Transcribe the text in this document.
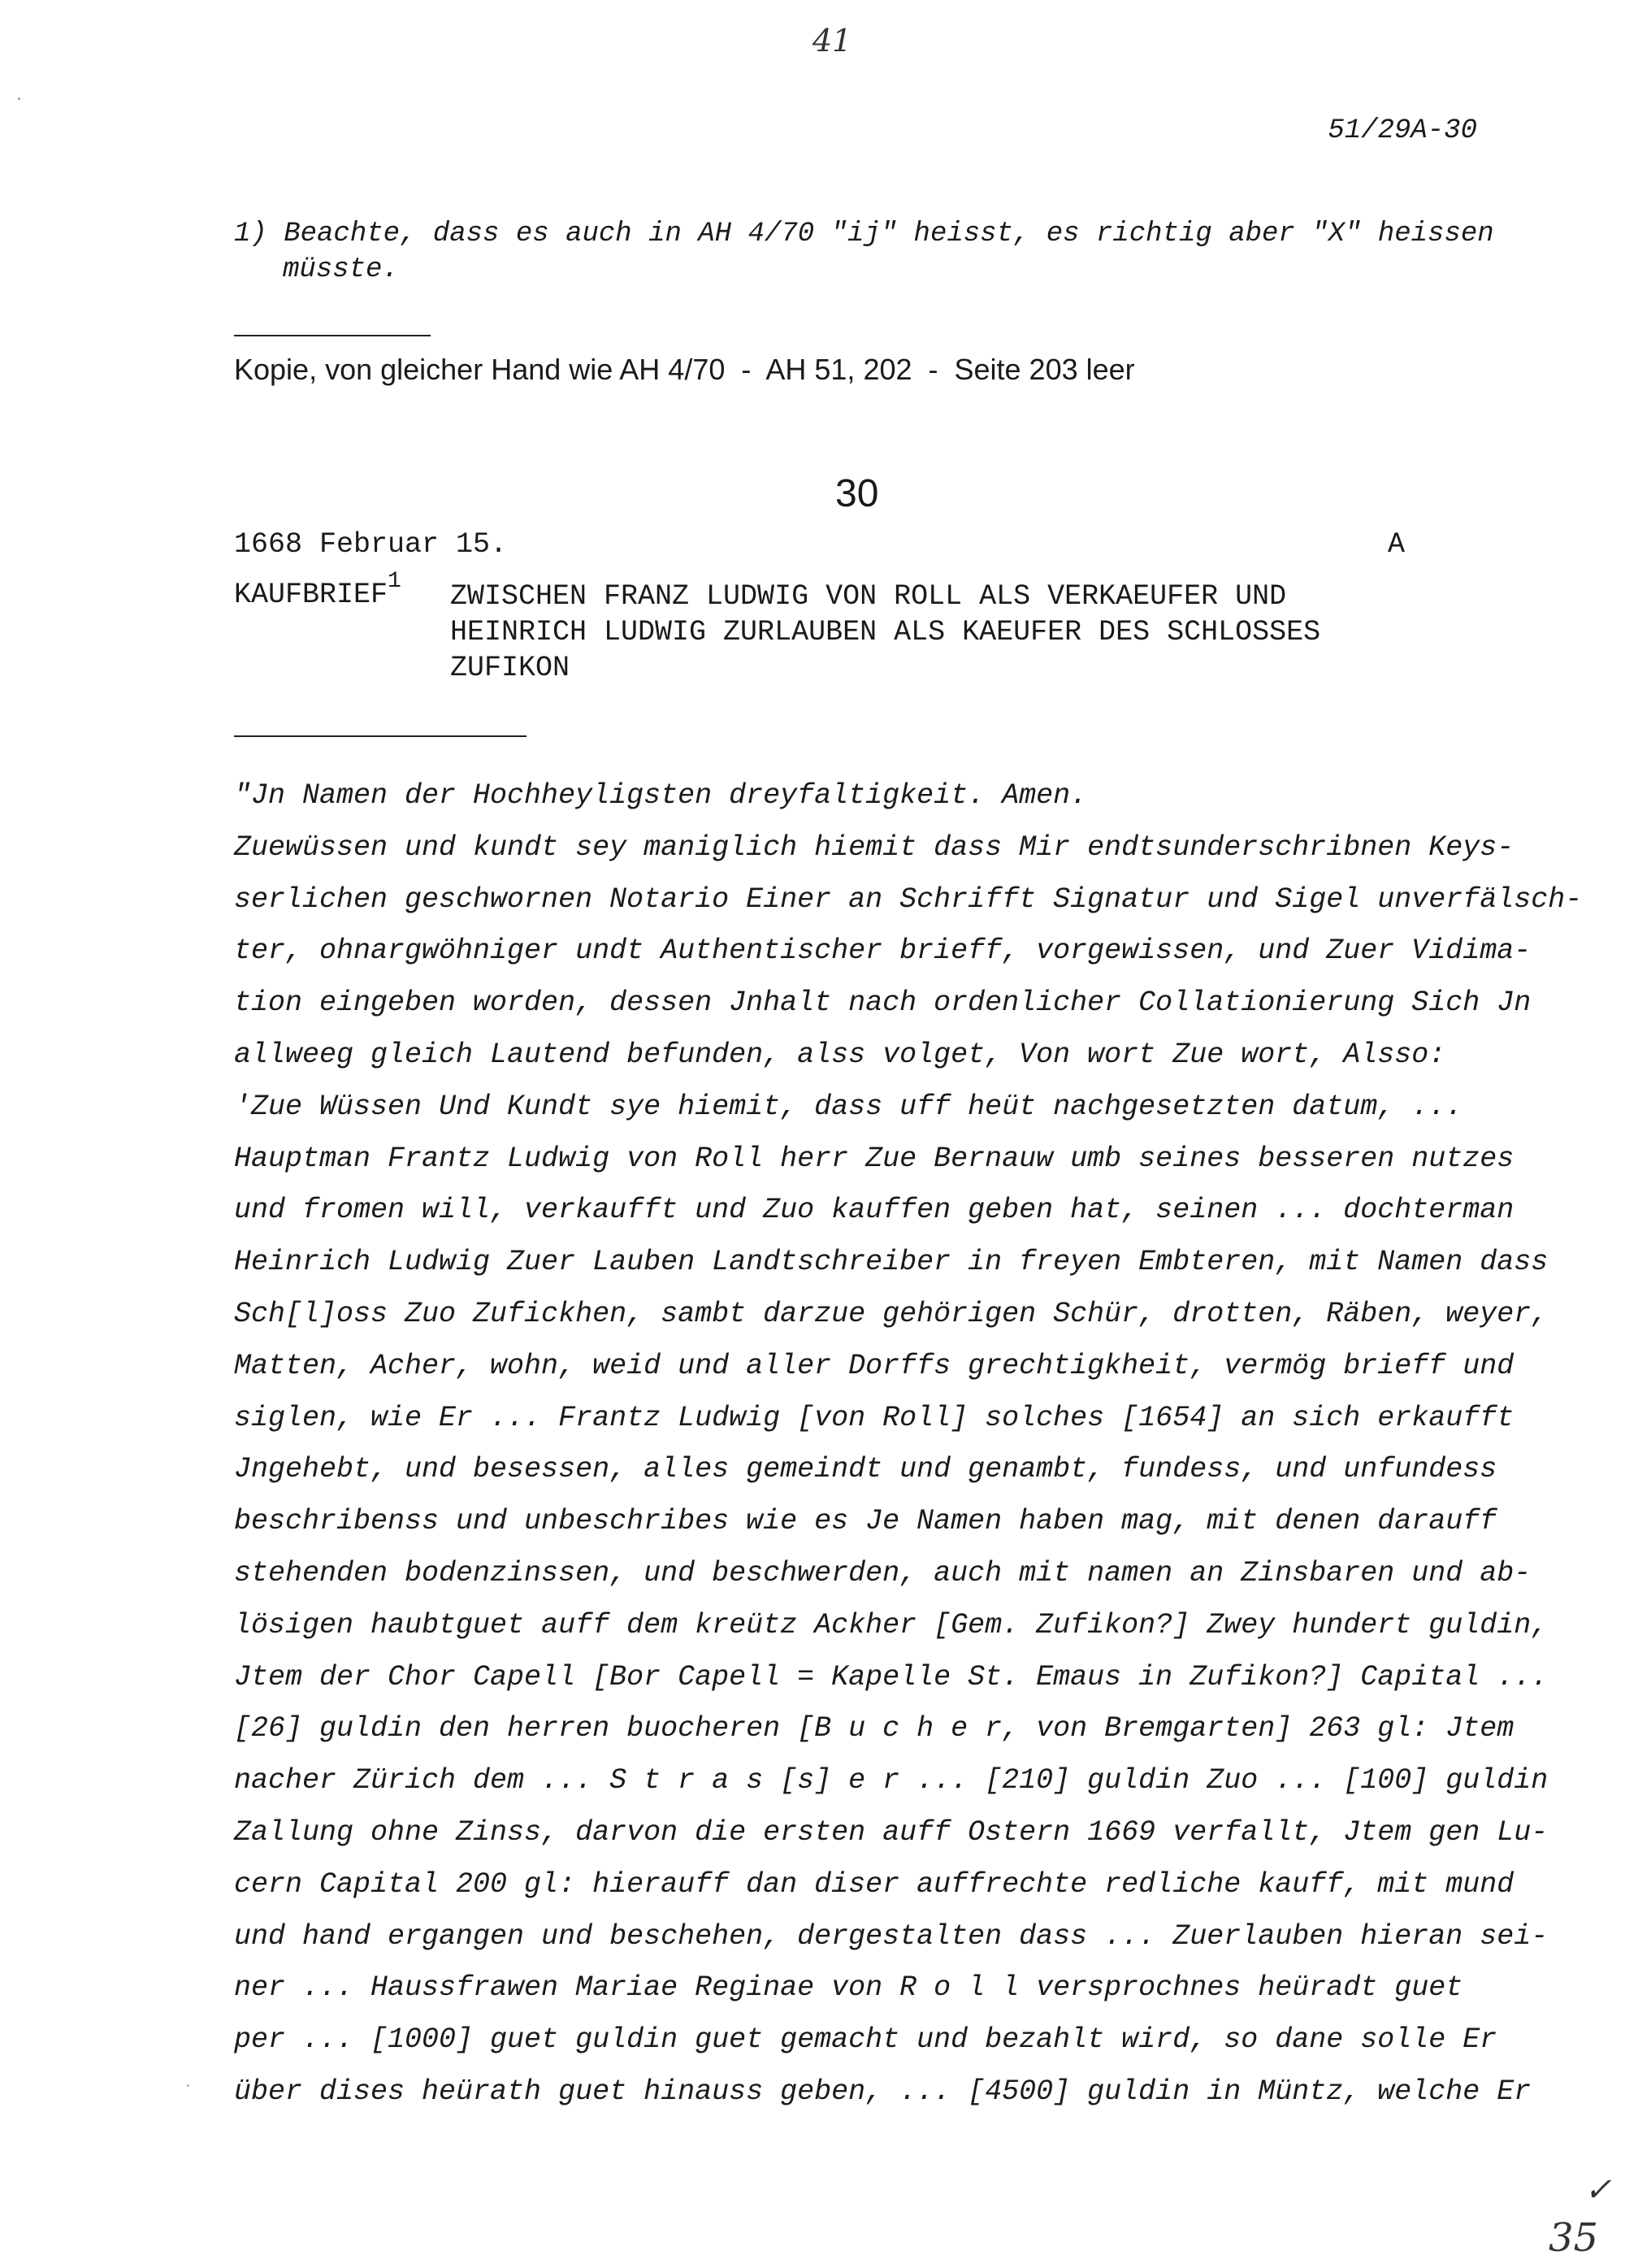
41
51/29A-30
1) Beachte, dass es auch in AH 4/70 "ij" heisst, es richtig aber "X" heissen
müsste.
Kopie, von gleicher Hand wie AH 4/70  -  AH 51, 202  -  Seite 203 leer
30
1668 Februar 15.	A
KAUFBRIEF$^1$ ZWISCHEN FRANZ LUDWIG VON ROLL ALS VERKAEUFER UND
HEINRICH LUDWIG ZURLAUBEN ALS KAEUFER DES SCHLOSSES
ZUFIKON
"Jn Namen der Hochheyligsten dreyfaltigkeit. Amen.
Zuewüssen und kundt sey maniglich hiemit dass Mir endtsunderschribnen Keys-
serlichen geschwornen Notario Einer an Schrifft Signatur und Sigel unverfälsch-
ter, ohnargwöhniger undt Authentischer brieff, vorgewissen, und Zuer Vidima-
tion eingeben worden, dessen Jnhalt nach ordenlicher Collationierung Sich Jn
allweeg gleich Lautend befunden, alss volget, Von wort Zue wort, Alsso:
'Zue Wüssen Und Kundt sye hiemit, dass uff heüt nachgesetzten datum, ...
Hauptman Frantz Ludwig von Roll herr Zue Bernauw umb seines besseren nutzes
und fromen will, verkaufft und Zuo kauffen geben hat, seinen ... dochterman
Heinrich Ludwig Zuer Lauben Landtschreiber in freyen Embteren, mit Namen dass
Sch[l]oss Zuo Zufickhen, sambt darzue gehörigen Schür, drotten, Räben, weyer,
Matten, Acher, wohn, weid und aller Dorffs grechtigkheit, vermög brieff und
siglen, wie Er ... Frantz Ludwig [von Roll] solches [1654] an sich erkaufft
Jngehebt, und besessen, alles gemeindt und genambt, fundess, und unfundess
beschribenss und unbeschribes wie es Je Namen haben mag, mit denen darauff
stehenden bodenzinssen, und beschwerden, auch mit namen an Zinsbaren und ab-
lösigen haubtguet auff dem kreütz Ackher [Gem. Zufikon?] Zwey hundert guldin,
Jtem der Chor Capell [Bor Capell = Kapelle St. Emaus in Zufikon?] Capital ...
[26] guldin den herren buocheren [B u c h e r, von Bremgarten] 263 gl: Jtem
nacher Zürich dem ... S t r a s [s] e r ... [210] guldin Zuo ... [100] guldin
Zallung ohne Zinss, darvon die ersten auff Ostern 1669 verfallt, Jtem gen Lu-
cern Capital 200 gl: hierauff dan diser auffrechte redliche kauff, mit mund
und hand ergangen und beschehen, dergestalten dass ... Zuerlauben hieran sei-
ner ... Haussfrawen Mariae Reginae von R o l l versprochnes heüradt guet
per ... [1000] guet guldin guet gemacht und bezahlt wird, so dane solle Er
über dises heürath guet hinauss geben, ... [4500] guldin in Müntz, welche Er
✓
35
